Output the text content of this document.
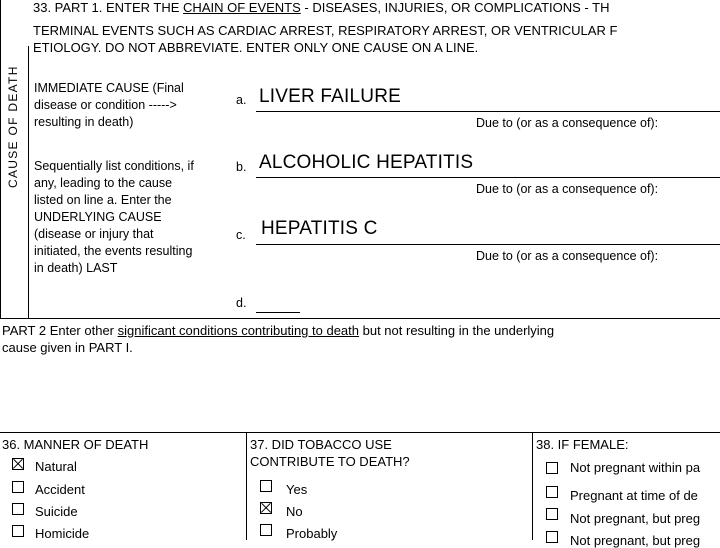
33. PART 1. ENTER THE CHAIN OF EVENTS - DISEASES, INJURIES, OR COMPLICATIONS - TH
TERMINAL EVENTS SUCH AS CARDIAC ARREST, RESPIRATORY ARREST, OR VENTRICULAR F
ETIOLOGY. DO NOT ABBREVIATE. ENTER ONLY ONE CAUSE ON A LINE.
CAUSE OF DEATH IMMEDIATE CAUSE (Final
disease or condition ----->
resulting in death)
Sequentially list conditions, if
any, leading to the cause
listed on line a. Enter the
UNDERLYING CAUSE
(disease or injury that
initiated, the events resulting
in death) LAST
a. LIVER FAILURE
Due to (or as a consequence of):
b. ALCOHOLIC HEPATITIS
Due to (or as a consequence of):
c. HEPATITIS C
Due to (or as a consequence of):
d.
PART 2 Enter other significant conditions contributing to death but not resulting in the underlying
cause given in PART I.
36. MANNER OF DEATH
Natural
Accident
Suicide
Homicide
37. DID TOBACCO USE
CONTRIBUTE TO DEATH?
Yes
No
Probably
38. IF FEMALE:
Not pregnant within pa
Pregnant at time of de
Not pregnant, but preg
Not pregnant, but preg
